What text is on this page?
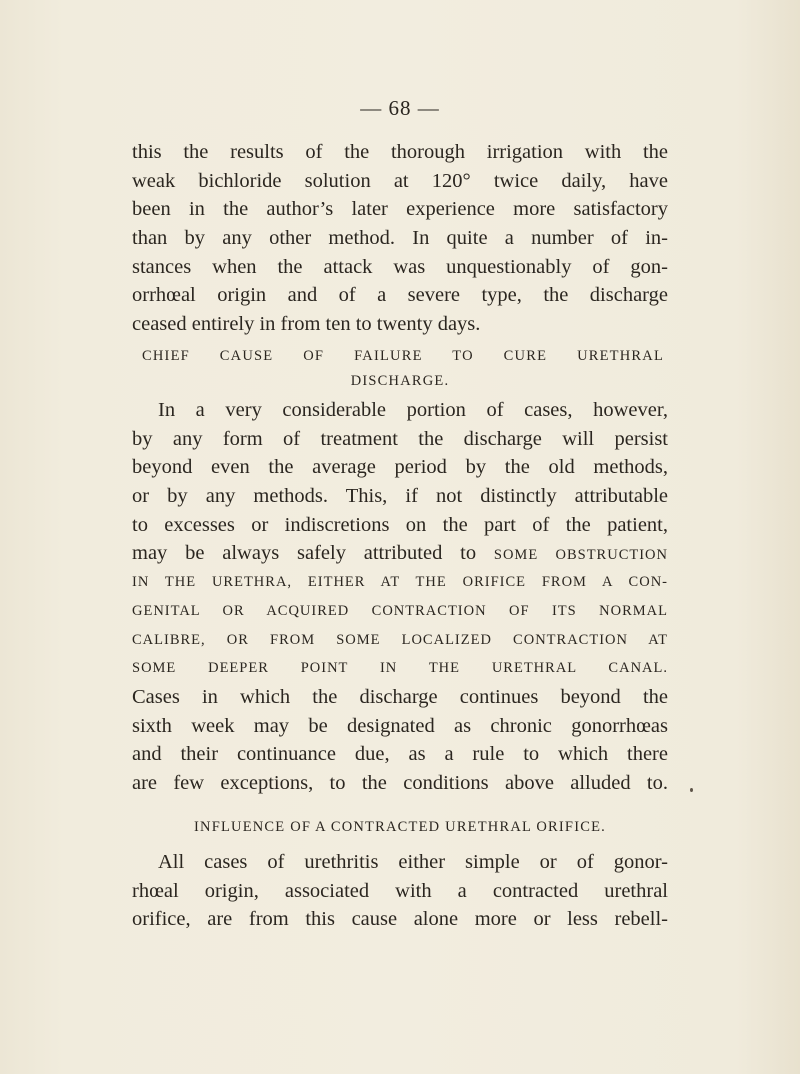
— 68 —
this the results of the thorough irrigation with the
weak bichloride solution at 120° twice daily, have
been in the author’s later experience more satisfactory
than by any other method. In quite a number of in-
stances when the attack was unquestionably of gon-
orrhœal origin and of a severe type, the discharge
ceased entirely in from ten to twenty days.
CHIEF CAUSE OF FAILURE TO CURE URETHRAL
DISCHARGE.
In a very considerable portion of cases, however,
by any form of treatment the discharge will persist
beyond even the average period by the old methods,
or by any methods. This, if not distinctly attributable
to excesses or indiscretions on the part of the patient,
may be always safely attributed to SOME OBSTRUCTION
IN THE URETHRA, EITHER AT THE ORIFICE FROM A CON-
GENITAL OR ACQUIRED CONTRACTION OF ITS NORMAL
CALIBRE, OR FROM SOME LOCALIZED CONTRACTION AT
SOME DEEPER POINT IN THE URETHRAL CANAL.
Cases in which the discharge continues beyond the
sixth week may be designated as chronic gonorrhœas
and their continuance due, as a rule to which there
are few exceptions, to the conditions above alluded to.
INFLUENCE OF A CONTRACTED URETHRAL ORIFICE.
All cases of urethritis either simple or of gonor-
rhœal origin, associated with a contracted urethral
orifice, are from this cause alone more or less rebell-
